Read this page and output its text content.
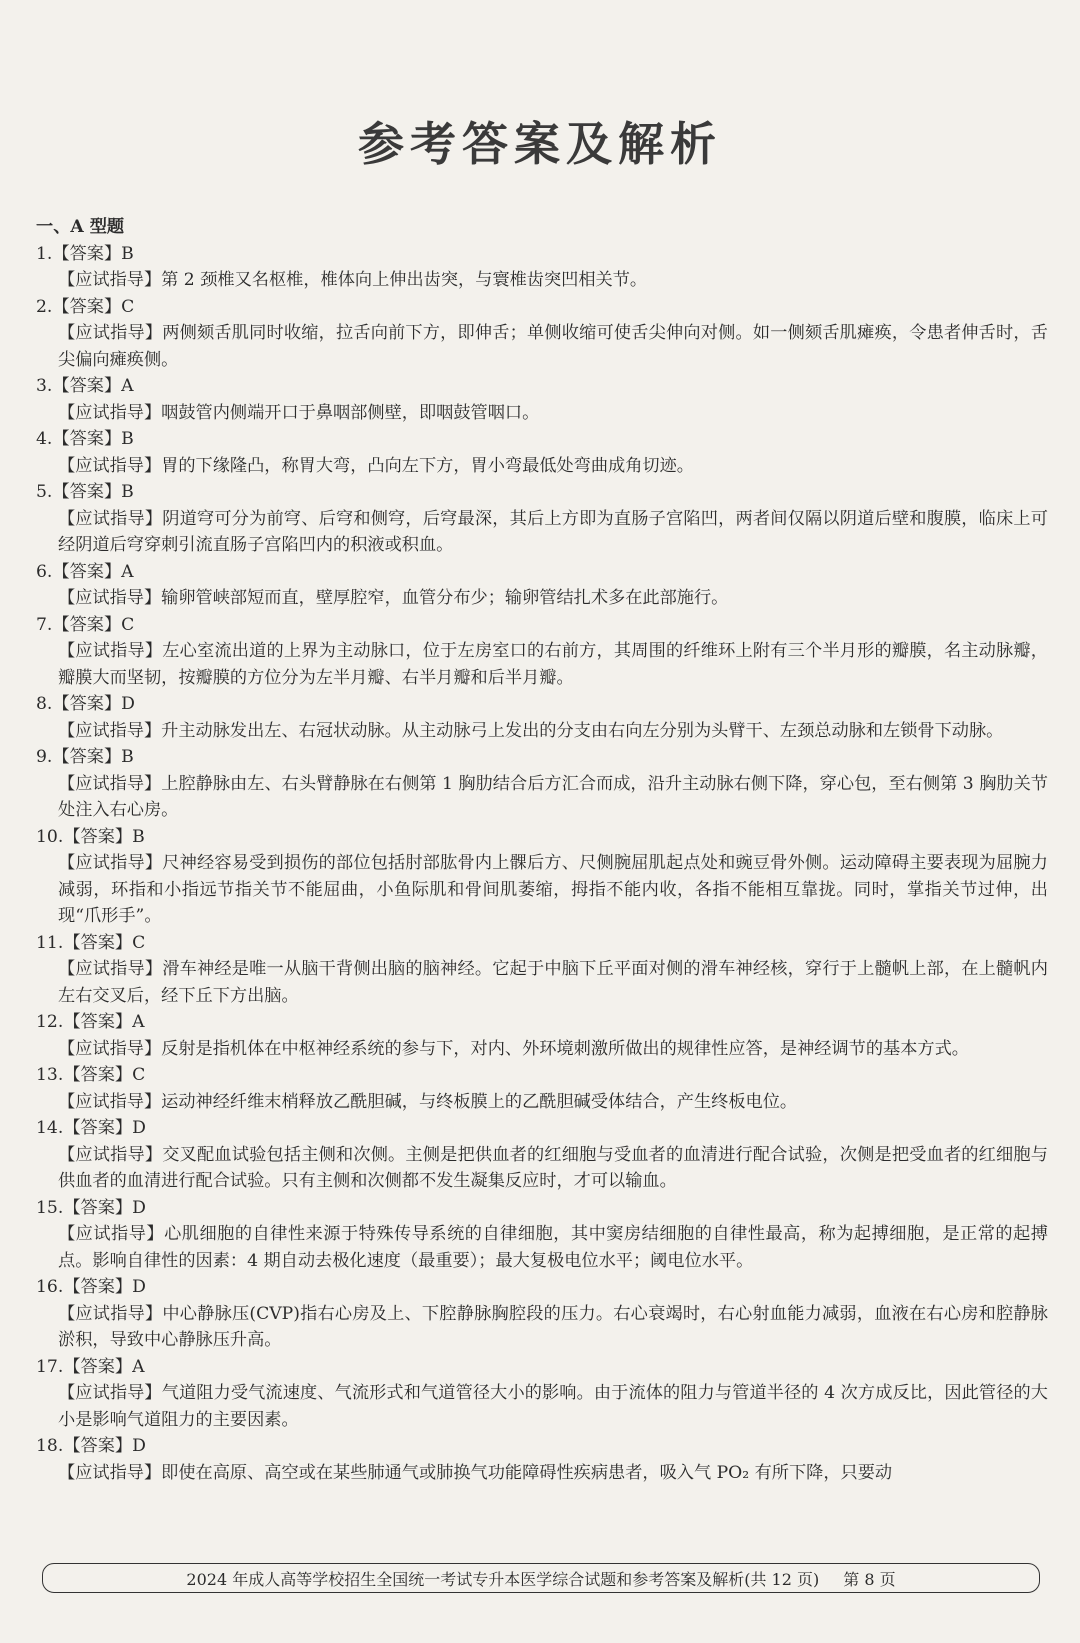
参考答案及解析
一、A 型题
1.【答案】B
【应试指导】第 2 颈椎又名枢椎，椎体向上伸出齿突，与寰椎齿突凹相关节。
2.【答案】C
【应试指导】两侧颏舌肌同时收缩，拉舌向前下方，即伸舌；单侧收缩可使舌尖伸向对侧。如一侧颏舌肌瘫痪，令患者伸舌时，舌尖偏向瘫痪侧。
3.【答案】A
【应试指导】咽鼓管内侧端开口于鼻咽部侧壁，即咽鼓管咽口。
4.【答案】B
【应试指导】胃的下缘隆凸，称胃大弯，凸向左下方，胃小弯最低处弯曲成角切迹。
5.【答案】B
【应试指导】阴道穹可分为前穹、后穹和侧穹，后穹最深，其后上方即为直肠子宫陷凹，两者间仅隔以阴道后壁和腹膜，临床上可经阴道后穹穿刺引流直肠子宫陷凹内的积液或积血。
6.【答案】A
【应试指导】输卵管峡部短而直，壁厚腔窄，血管分布少；输卵管结扎术多在此部施行。
7.【答案】C
【应试指导】左心室流出道的上界为主动脉口，位于左房室口的右前方，其周围的纤维环上附有三个半月形的瓣膜，名主动脉瓣，瓣膜大而坚韧，按瓣膜的方位分为左半月瓣、右半月瓣和后半月瓣。
8.【答案】D
【应试指导】升主动脉发出左、右冠状动脉。从主动脉弓上发出的分支由右向左分别为头臂干、左颈总动脉和左锁骨下动脉。
9.【答案】B
【应试指导】上腔静脉由左、右头臂静脉在右侧第 1 胸肋结合后方汇合而成，沿升主动脉右侧下降，穿心包，至右侧第 3 胸肋关节处注入右心房。
10.【答案】B
【应试指导】尺神经容易受到损伤的部位包括肘部肱骨内上髁后方、尺侧腕屈肌起点处和豌豆骨外侧。运动障碍主要表现为屈腕力减弱，环指和小指远节指关节不能屈曲，小鱼际肌和骨间肌萎缩，拇指不能内收，各指不能相互靠拢。同时，掌指关节过伸，出现“爪形手”。
11.【答案】C
【应试指导】滑车神经是唯一从脑干背侧出脑的脑神经。它起于中脑下丘平面对侧的滑车神经核，穿行于上髓帆上部，在上髓帆内左右交叉后，经下丘下方出脑。
12.【答案】A
【应试指导】反射是指机体在中枢神经系统的参与下，对内、外环境刺激所做出的规律性应答，是神经调节的基本方式。
13.【答案】C
【应试指导】运动神经纤维末梢释放乙酰胆碱，与终板膜上的乙酰胆碱受体结合，产生终板电位。
14.【答案】D
【应试指导】交叉配血试验包括主侧和次侧。主侧是把供血者的红细胞与受血者的血清进行配合试验，次侧是把受血者的红细胞与供血者的血清进行配合试验。只有主侧和次侧都不发生凝集反应时，才可以输血。
15.【答案】D
【应试指导】心肌细胞的自律性来源于特殊传导系统的自律细胞，其中窦房结细胞的自律性最高，称为起搏细胞，是正常的起搏点。影响自律性的因素：4 期自动去极化速度（最重要）；最大复极电位水平；阈电位水平。
16.【答案】D
【应试指导】中心静脉压(CVP)指右心房及上、下腔静脉胸腔段的压力。右心衰竭时，右心射血能力减弱，血液在右心房和腔静脉淤积，导致中心静脉压升高。
17.【答案】A
【应试指导】气道阻力受气流速度、气流形式和气道管径大小的影响。由于流体的阻力与管道半径的 4 次方成反比，因此管径的大小是影响气道阻力的主要因素。
18.【答案】D
【应试指导】即使在高原、高空或在某些肺通气或肺换气功能障碍性疾病患者，吸入气 PO₂ 有所下降，只要动
2024 年成人高等学校招生全国统一考试专升本医学综合试题和参考答案及解析(共 12 页) 第 8 页
